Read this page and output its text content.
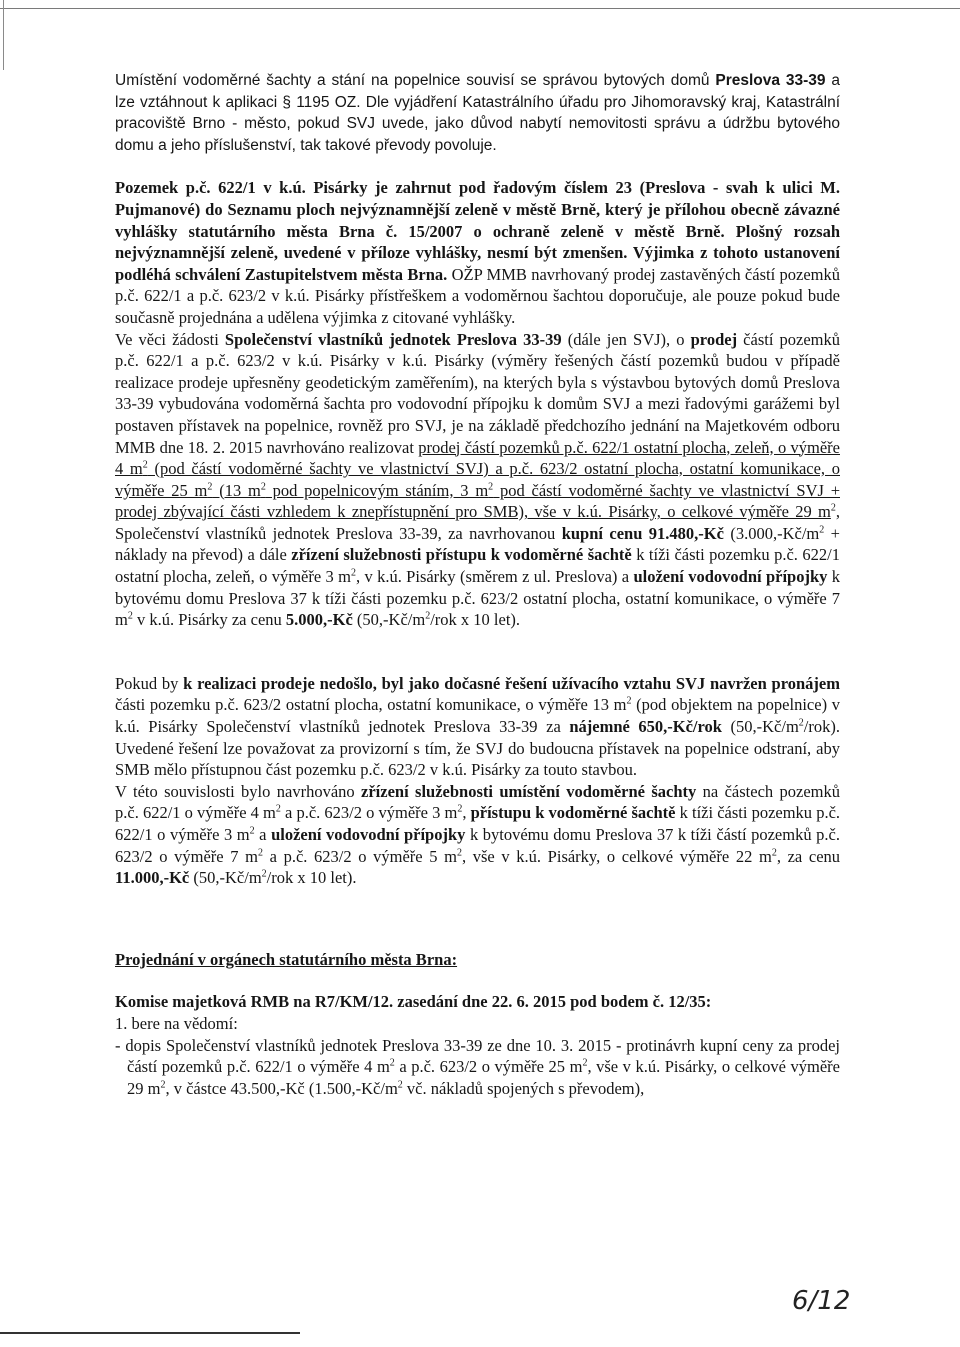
Umístění vodoměrné šachty a stání na popelnice souvisí se správou bytových domů Preslova 33-39 a lze vztáhnout k aplikaci § 1195 OZ. Dle vyjádření Katastrálního úřadu pro Jihomoravský kraj, Katastrální pracoviště Brno - město, pokud SVJ uvede, jako důvod nabytí nemovitosti správu a údržbu bytového domu a jeho příslušenství, tak takové převody povoluje.

Pozemek p.č. 622/1 v k.ú. Pisárky je zahrnut pod řadovým číslem 23 (Preslova - svah k ulici M. Pujmanové) do Seznamu ploch nejvýznamnější zeleně v městě Brně, který je přílohou obecně závazné vyhlášky statutárního města Brna č. 15/2007 o ochraně zeleně v městě Brně. Plošný rozsah nejvýznamnější zeleně, uvedené v příloze vyhlášky, nesmí být zmenšen. Výjimka z tohoto ustanovení podléhá schválení Zastupitelstvem města Brna. OŽP MMB navrhovaný prodej zastavěných částí pozemků p.č. 622/1 a p.č. 623/2 v k.ú. Pisárky přístřeškem a vodoměrnou šachtou doporučuje, ale pouze pokud bude současně projednána a udělena výjimka z citované vyhlášky.

Ve věci žádosti Společenství vlastníků jednotek Preslova 33-39 (dále jen SVJ), o prodej částí pozemků p.č. 622/1 a p.č. 623/2 v k.ú. Pisárky v k.ú. Pisárky (výměry řešených částí pozemků budou v případě realizace prodeje upřesněny geodetickým zaměřením), na kterých byla s výstavbou bytových domů Preslova 33-39 vybudována vodoměrná šachta pro vodovodní přípojku k domům SVJ a mezi řadovými garážemi byl postaven přístavek na popelnice, rovněž pro SVJ, je na základě předchozího jednání na Majetkovém odboru MMB dne 18. 2. 2015 navrhováno realizovat prodej částí pozemků p.č. 622/1 ostatní plocha, zeleň, o výměře 4 $m^2$ (pod částí vodoměrné šachty ve vlastnictví SVJ) a p.č. 623/2 ostatní plocha, ostatní komunikace, o výměře 25 $m^2$ (13 $m^2$ pod popelnicovým stáním, 3 $m^2$ pod částí vodoměrné šachty ve vlastnictví SVJ + prodej zbývající části vzhledem k znepřístupnění pro SMB), vše v k.ú. Pisárky, o celkové výměře 29 $m^2$, Společenství vlastníků jednotek Preslova 33-39, za navrhovanou kupní cenu 91.480,-Kč ($3.000,-Kč/m^2$ + náklady na převod) a dále zřízení služebnosti přístupu k vodoměrné šachtě k tíži části pozemku p.č. 622/1 ostatní plocha, zeleň, o výměře 3 $m^2$, v k.ú. Pisárky (směrem z ul. Preslova) a uložení vodovodní přípojky k bytovému domu Preslova 37 k tíži části pozemku p.č. 623/2 ostatní plocha, ostatní komunikace, o výměře 7 $m^2$ v k.ú. Pisárky za cenu 5.000,-Kč ($50,-Kč/m^2$/rok x 10 let).

Pokud by k realizaci prodeje nedošlo, byl jako dočasné řešení užívacího vztahu SVJ navržen pronájem části pozemku p.č. 623/2 ostatní plocha, ostatní komunikace, o výměře 13 $m^2$ (pod objektem na popelnice) v k.ú. Pisárky Společenství vlastníků jednotek Preslova 33-39 za nájemné 650,-Kč/rok $(50,-Kč/m^2/rok)$. Uvedené řešení lze považovat za provizorní s tím, že SVJ do budoucna přístavek na popelnice odstraní, aby SMB mělo přístupnou část pozemku p.č. 623/2 v k.ú. Pisárky za touto stavbou.

V této souvislosti bylo navrhováno zřízení služebnosti umístění vodoměrné šachty na částech pozemků p.č. 622/1 o výměře 4 $m^2$ a p.č. 623/2 o výměře 3 $m^2$, přístupu k vodoměrné šachtě k tíži části pozemku p.č. 622/1 o výměře 3 $m^2$ a uložení vodovodní přípojky k bytovému domu Preslova 37 k tíži částí pozemků p.č. 623/2 o výměře 7 $m^2$ a p.č. 623/2 o výměře 5 $m^2$, vše v k.ú. Pisárky, o celkové výměře 22 $m^2$, za cenu 11.000,-Kč ($50,-Kč/m^2$/rok x 10 let).

Projednání v orgánech statutárního města Brna:

Komise majetková RMB na R7/KM/12. zasedání dne 22. 6. 2015 pod bodem č. 12/35:

1. bere na vědomí:

- dopis Společenství vlastníků jednotek Preslova 33-39 ze dne 10. 3. 2015 - protinávrh kupní ceny za prodej částí pozemků p.č. 622/1 o výměře 4 $m^2$ a p.č. 623/2 o výměře 25 $m^2$, vše v k.ú. Pisárky, o celkové výměře 29 $m^2$, v částce 43.500,-Kč ($1.500,-Kč/m^2$ vč. nákladů spojených s převodem),
6/12
